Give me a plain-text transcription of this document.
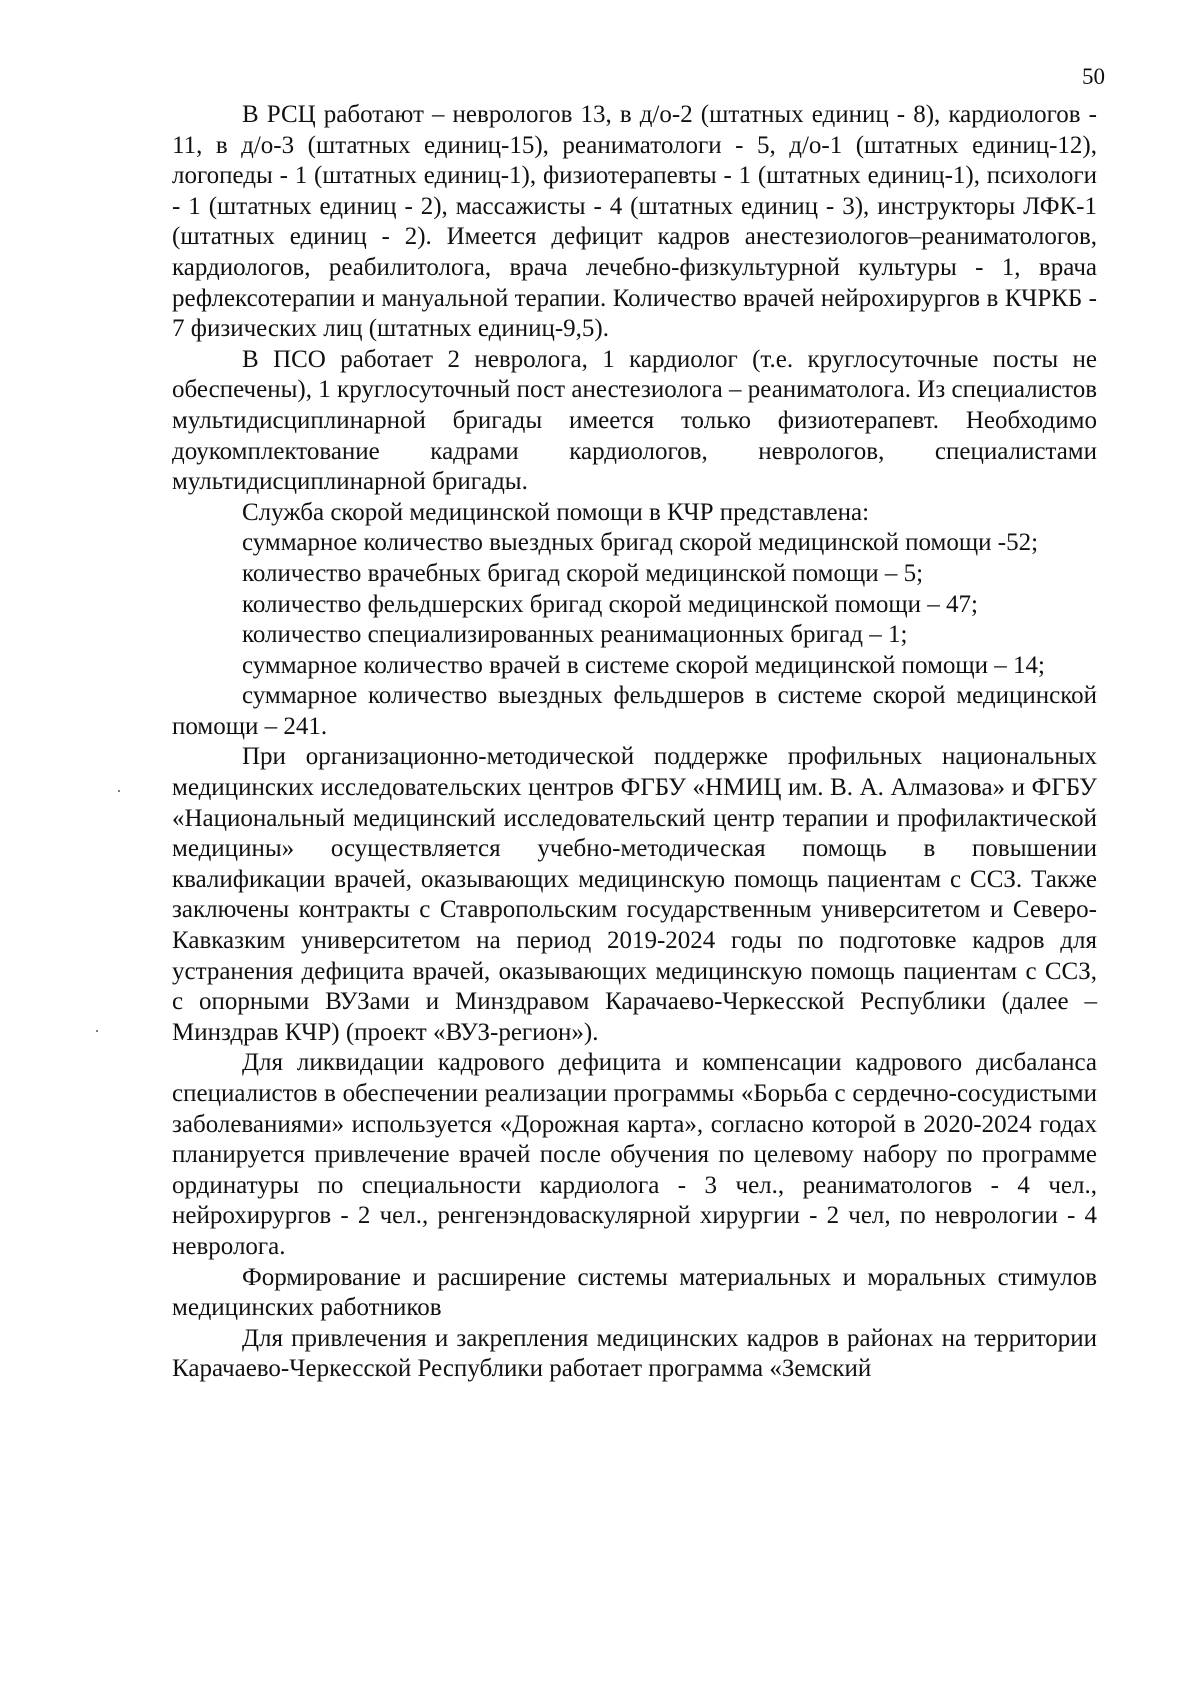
50

В РСЦ работают – неврологов 13, в д/о-2 (штатных единиц - 8), кардиологов - 11, в д/о-3 (штатных единиц-15), реаниматологи - 5, д/о-1 (штатных единиц-12), логопеды - 1 (штатных единиц-1), физиотерапевты - 1 (штатных единиц-1), психологи - 1 (штатных единиц - 2), массажисты - 4 (штатных единиц - 3), инструкторы ЛФК-1 (штатных единиц - 2). Имеется дефицит кадров анестезиологов–реаниматологов, кардиологов, реабилитолога, врача лечебно-физкультурной культуры - 1, врача рефлексотерапии и мануальной терапии. Количество врачей нейрохирургов в КЧРКБ - 7 физических лиц (штатных единиц-9,5).

В ПСО работает 2 невролога, 1 кардиолог (т.е. круглосуточные посты не обеспечены), 1 круглосуточный пост анестезиолога – реаниматолога. Из специалистов мультидисциплинарной бригады имеется только физиотерапевт. Необходимо доукомплектование кадрами кардиологов, неврологов, специалистами мультидисциплинарной бригады.

Служба скорой медицинской помощи в КЧР представлена:

суммарное количество выездных бригад скорой медицинской помощи -52;

количество врачебных бригад скорой медицинской помощи – 5;

количество фельдшерских бригад скорой медицинской помощи – 47;

количество специализированных реанимационных бригад – 1;

суммарное количество врачей в системе скорой медицинской помощи – 14;

суммарное количество выездных фельдшеров в системе скорой медицинской помощи – 241.

При организационно-методической поддержке профильных национальных медицинских исследовательских центров ФГБУ «НМИЦ им. В. А. Алмазова» и ФГБУ «Национальный медицинский исследовательский центр терапии и профилактической медицины» осуществляется учебно-методическая помощь в повышении квалификации врачей, оказывающих медицинскую помощь пациентам с ССЗ. Также заключены контракты с Ставропольским государственным университетом и Северо-Кавказким университетом на период 2019-2024 годы по подготовке кадров для устранения дефицита врачей, оказывающих медицинскую помощь пациентам с ССЗ, с опорными ВУЗами и Минздравом Карачаево-Черкесской Республики (далее –Минздрав КЧР) (проект «ВУЗ-регион»).

Для ликвидации кадрового дефицита и компенсации кадрового дисбаланса специалистов в обеспечении реализации программы «Борьба с сердечно-сосудистыми заболеваниями» используется «Дорожная карта», согласно которой в 2020-2024 годах планируется привлечение врачей после обучения по целевому набору по программе ординатуры по специальности кардиолога - 3 чел., реаниматологов - 4 чел., нейрохирургов - 2 чел., ренгенэндоваскулярной хирургии - 2 чел, по неврологии - 4 невролога.

Формирование и расширение системы материальных и моральных стимулов медицинских работников

Для привлечения и закрепления медицинских кадров в районах на территории Карачаево-Черкесской Республики работает программа «Земский
